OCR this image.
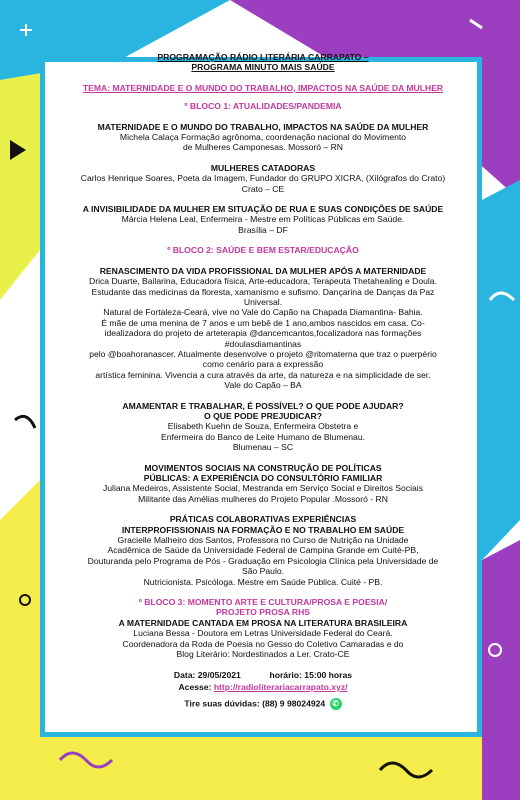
PROGRAMAÇÃO RÁDIO LITERÁRIA CARRAPATO –
PROGRAMA MINUTO MAIS SAÚDE
TEMA: MATERNIDADE E O MUNDO DO TRABALHO, IMPACTOS NA SAÚDE DA MULHER
º BLOCO 1: ATUALIDADES/PANDEMIA
MATERNIDADE E O MUNDO DO TRABALHO, IMPACTOS NA SAÚDE DA MULHER
Michela Calaça Formação agrônoma, coordenação nacional do Movimento
de Mulheres Camponesas. Mossoró – RN
MULHERES CATADORAS
Carlos Henrique Soares, Poeta da Imagem, Fundador do GRUPO XICRA, (Xilógrafos do Crato)
Crato – CE
A INVISIBILIDADE DA MULHER EM SITUAÇÃO DE RUA E SUAS CONDIÇÕES DE SAÚDE
Márcia Helena Leal, Enfermeira - Mestre em Políticas Públicas em Saúde.
Brasília – DF
º BLOCO 2: SAÚDE E BEM ESTAR/EDUCAÇÃO
RENASCIMENTO DA VIDA PROFISSIONAL DA MULHER APÓS A MATERNIDADE
Drica Duarte, Bailarina, Educadora física, Arte-educadora, Terapeuta Thetahealing e Doula.
Estudante das medicinas da floresta, xamanismo e sufismo. Dançarina de Danças da Paz
Universal.
Natural de Fortaleza-Ceará, vive no Vale do Capão na Chapada Diamantina- Bahia.
É mãe de uma menina de 7 anos e um bebê de 1 ano,ambos nascidos em casa. Co-
idealizadora do projeto de arteterapia @dancemcantos,focalizadora nas formações
#doulasdiamantinas
pelo @boahoranascer. Atualmente desenvolve o projeto @ritomaterna que traz o puerpério
como cenário para a expressão
artística feminina. Vivencia a cura através da arte, da natureza e na simplicidade de ser.
Vale do Capão – BA
AMAMENTAR E TRABALHAR, É POSSÍVEL? O QUE PODE AJUDAR?
O QUE PODE PREJUDICAR?
Elisabeth Kuehn de Souza, Enfermeira Obstetra e
Enfermeira do Banco de Leite Humano de Blumenau.
Blumenau – SC
MOVIMENTOS SOCIAIS NA CONSTRUÇÃO DE POLÍTICAS
PÚBLICAS: A EXPERIÊNCIA DO CONSULTÓRIO FAMILIAR
Juliana Medeiros, Assistente Social, Mestranda em Serviço Social e Direitos Sociais
Militante das Amélias mulheres do Projeto Popular .Mossoró - RN
PRÁTICAS COLABORATIVAS EXPERIÊNCIAS
INTERPROFISSIONAIS NA FORMAÇÃO E NO TRABALHO EM SAÚDE
Gracielle Malheiro dos Santos, Professora no Curso de Nutrição na Unidade
Acadêmica de Saúde da Universidade Federal de Campina Grande em Cuité-PB,
Douturanda pelo Programa de Pós - Graduação em Psicologia Clínica pela Universidade de
São Paulo.
Nutricionista. Psicóloga. Mestre em Saúde Pública. Cuité - PB.
º BLOCO 3: MOMENTO ARTE E CULTURA/PROSA E POESIA/
PROJETO PROSA RHS
A MATERNIDADE CANTADA EM PROSA NA LITERATURA BRASILEIRA
Luciana Bessa - Doutora em Letras Universidade Federal do Ceará.
Coordenadora da Roda de Poesia no Gesso do Coletivo Camaradas e do
Blog Literário: Nordestinados a Ler. Crato-CE
Data: 29/05/2021	horário: 15:00 horas
Acesse: http://radioliterariacarrapato.xyz/
Tire suas dúvidas: (88) 9 98024924 ✆
